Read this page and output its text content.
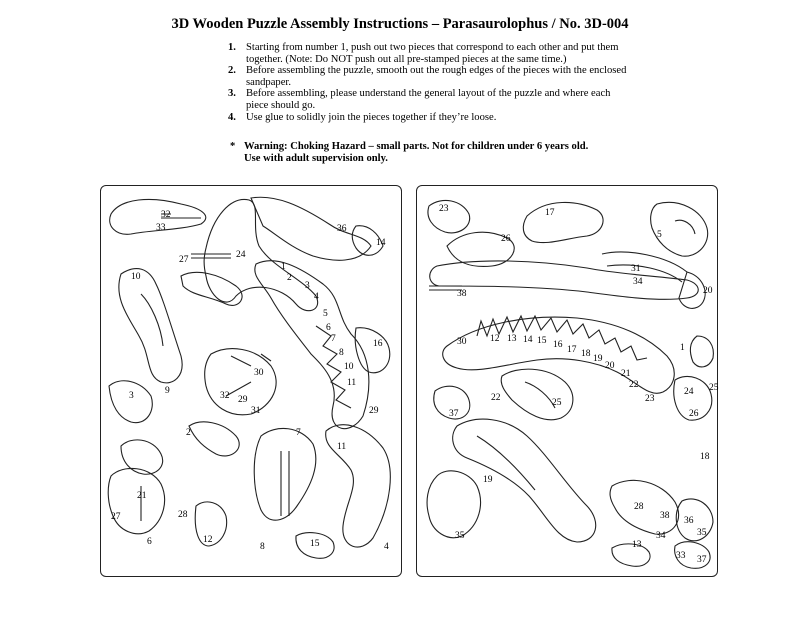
3D Wooden Puzzle Assembly Instructions – Parasaurolophus / No. 3D-004
1. Starting from number 1, push out two pieces that correspond to each other and put them together. (Note: Do NOT push out all pre-stamped pieces at the same time.)
2. Before assembling the puzzle, smooth out the rough edges of the pieces with the enclosed sandpaper.
3. Before assembling, please understand the general layout of the puzzle and where each piece should go.
4. Use glue to solidly join the pieces together if they’re loose.
* Warning: Choking Hazard – small parts. Not for children under 6 years old.
Use with adult supervision only.
32
33
27	24
36
14
1
2
3
4
10
5
6
7	16
8
30
9	32 29
31
10
11
29
3
2	7
11
21
27	28
6	12
8	15	4
23	17
26	5
31
34
38	20
30 12 13 14 15 16 17 18 19
20
21
22
1
24 25
23
37
22	25
26
18
19
28
38 36
34	35
13
35
33 37
